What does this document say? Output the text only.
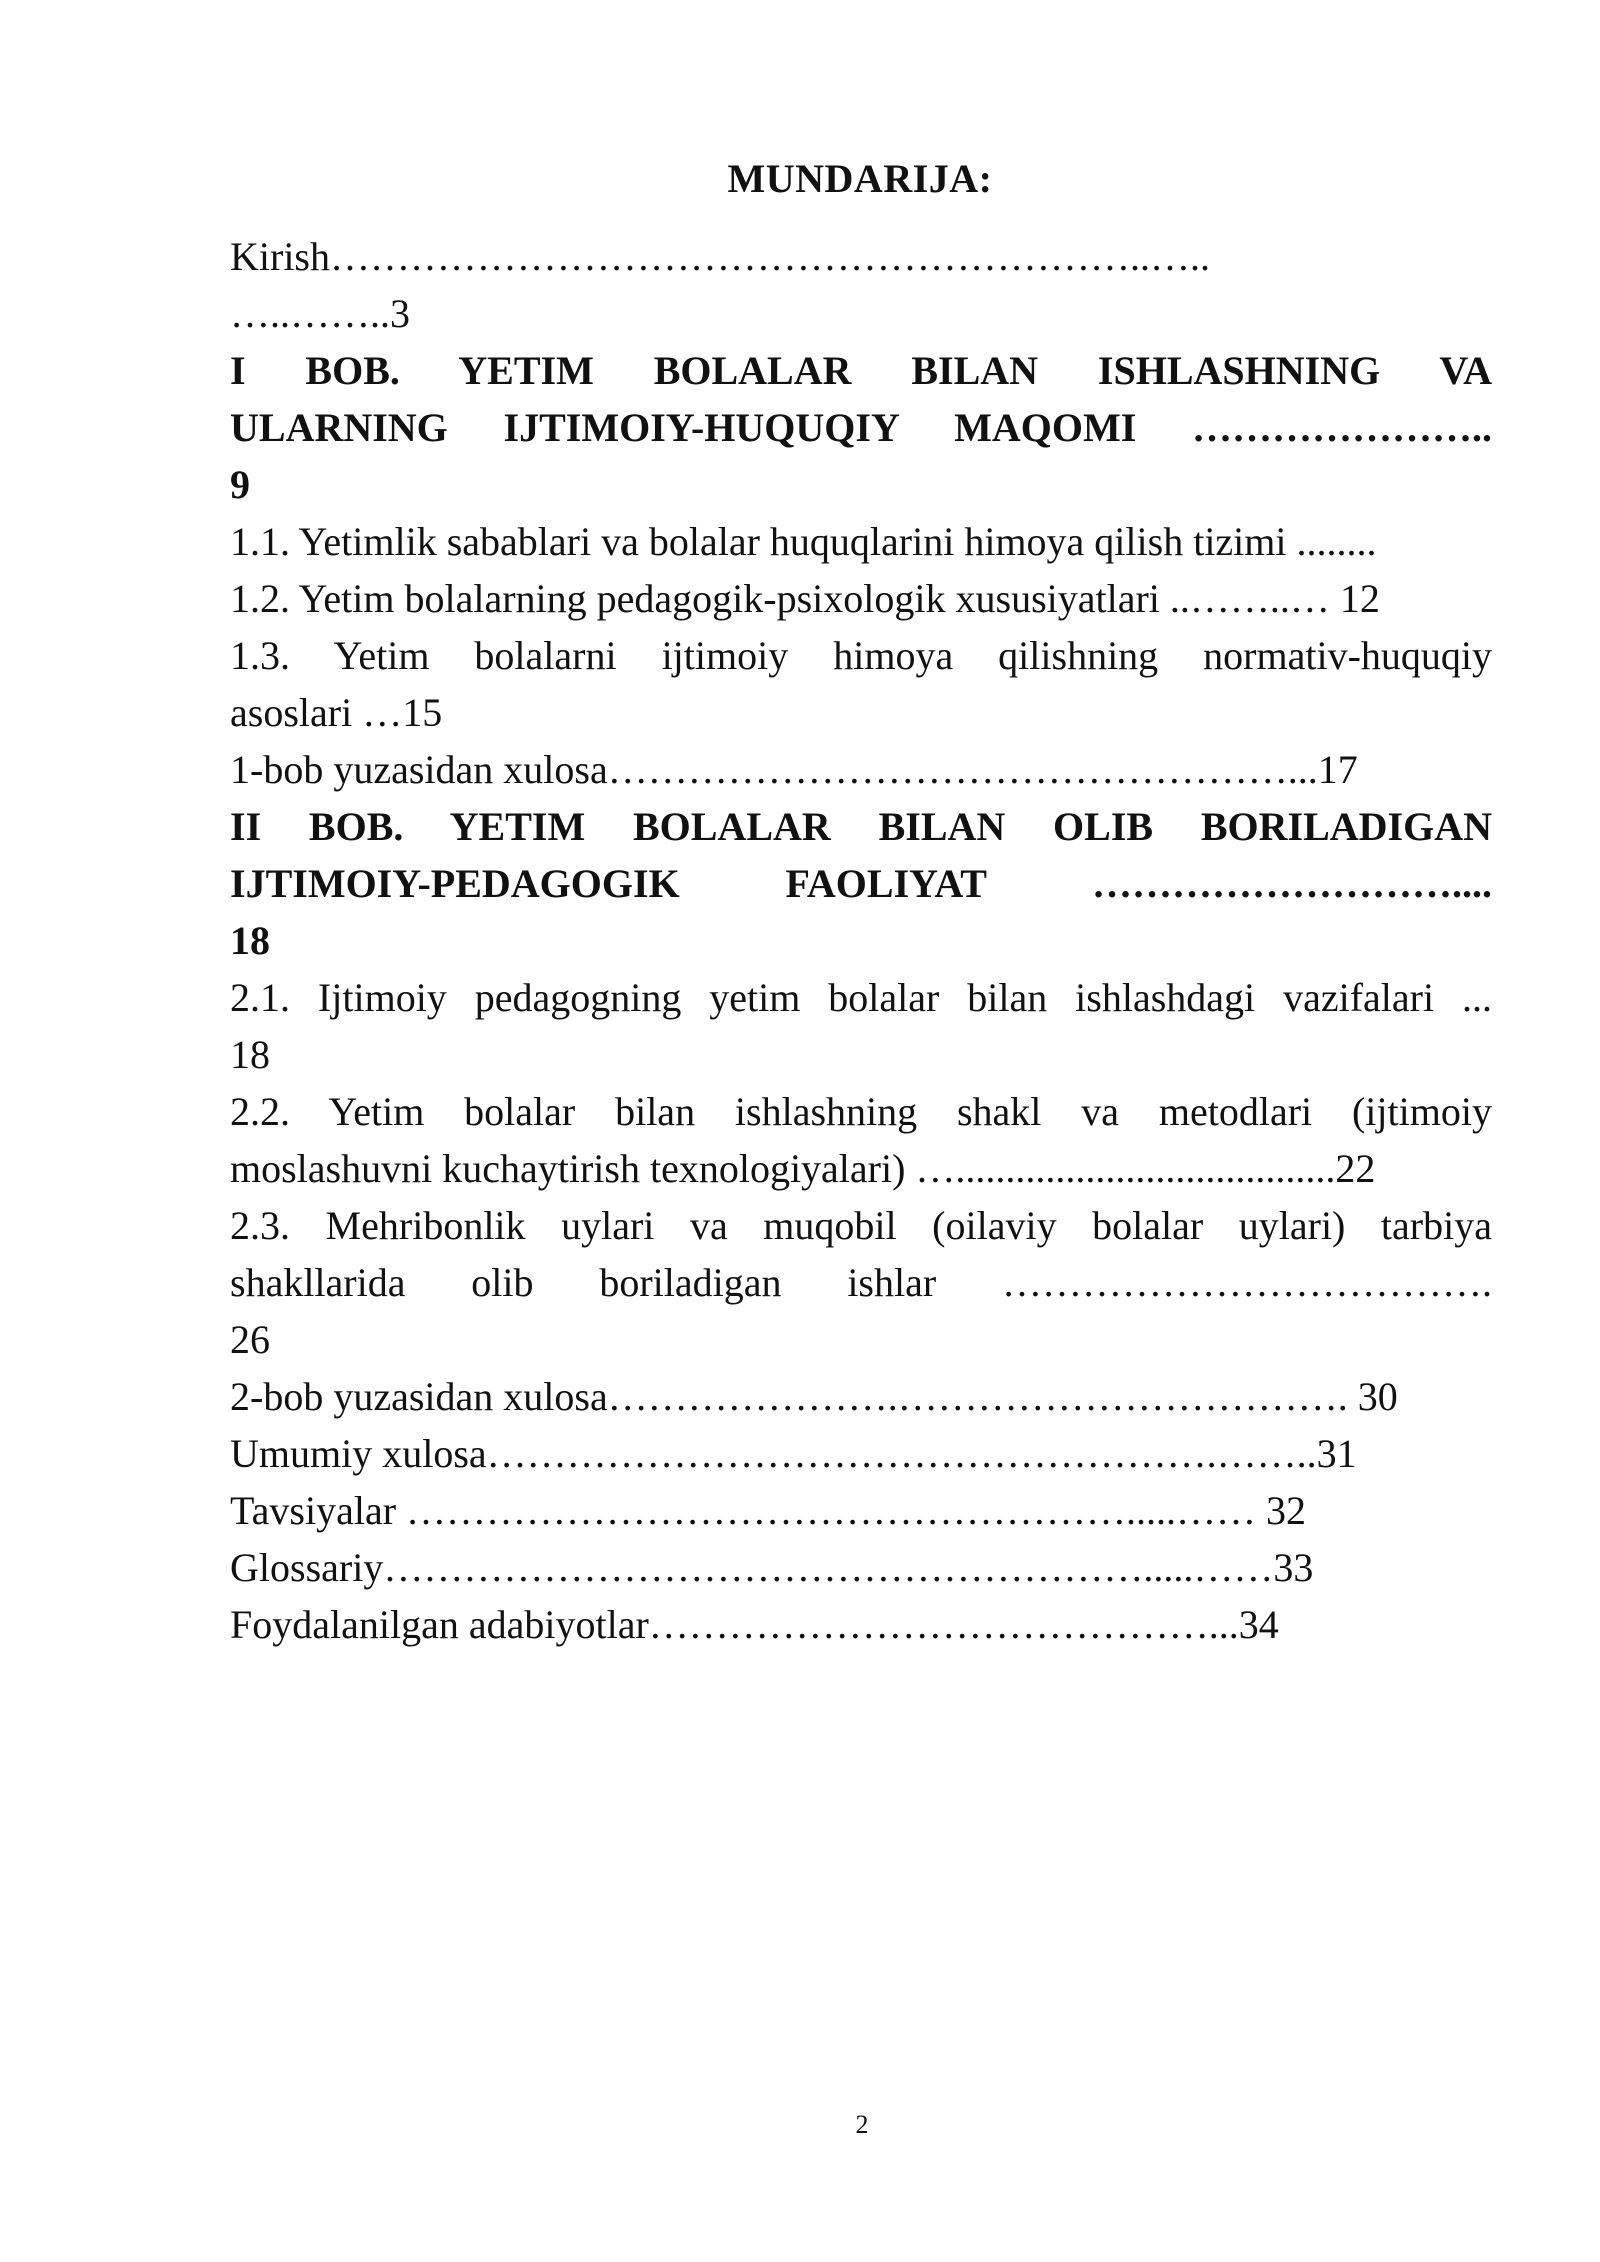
MUNDARIJA:
Kirish……………………………………………………..…..
…..……..3
I BOB. YETIM BOLALAR BILAN ISHLASHNING VA
ULARNING IJTIMOIY-HUQUQIY MAQOMI …………………..
9
1.1. Yetimlik sabablari va bolalar huquqlarini himoya qilish tizimi ........
1.2. Yetim bolalarning pedagogik-psixologik xususiyatlari ..……..… 12
1.3. Yetim bolalarni ijtimoiy himoya qilishning normativ-huquqiy
asoslari …15
1-bob yuzasidan xulosa……………………………………………...17
II BOB. YETIM BOLALAR BILAN OLIB BORILADIGAN
IJTIMOIY-PEDAGOGIK FAOLIYAT ………………………....
18
2.1. Ijtimoiy pedagogning yetim bolalar bilan ishlashdagi vazifalari ...
18
2.2. Yetim bolalar bilan ishlashning shakl va metodlari (ijtimoiy
moslashuvni kuchaytirish texnologiyalari) …......................................22
2.3. Mehribonlik uylari va muqobil (oilaviy bolalar uylari) tarbiya
shakllarida olib boriladigan ishlar ……………………………….
26
2-bob yuzasidan xulosa………………….……………………………. 30
Umumiy xulosa……………………………………………….……..31
Tavsiyalar ……………………………………………….....…… 32
Glossariy………………………………………………….....……33
Foydalanilgan adabiyotlar……………………………………...34
2
